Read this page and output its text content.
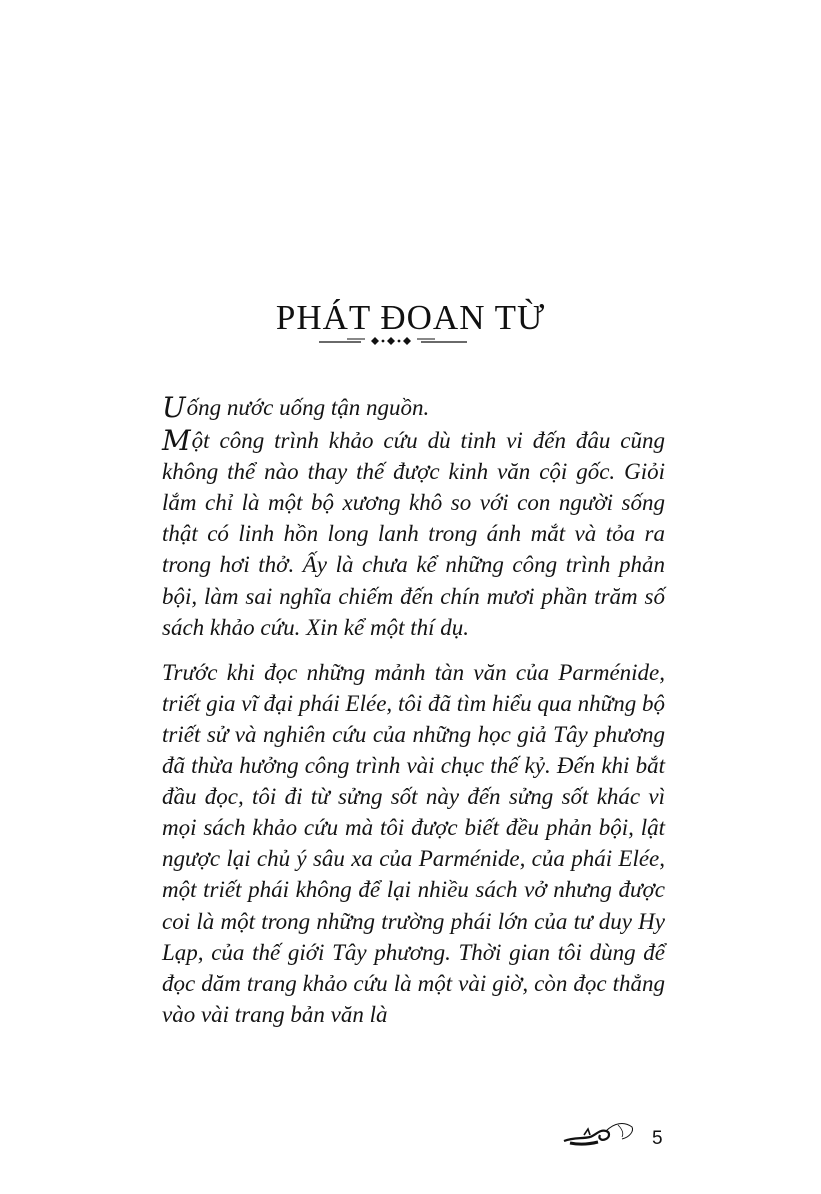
PHÁT ĐOAN TỪ

Uống nước uống tận nguồn.

Một công trình khảo cứu dù tinh vi đến đâu cũng không thể nào thay thế được kinh văn cội gốc. Giỏi lắm chỉ là một bộ xương khô so với con người sống thật có linh hồn long lanh trong ánh mắt và tỏa ra trong hơi thở. Ấy là chưa kể những công trình phản bội, làm sai nghĩa chiếm đến chín mươi phần trăm số sách khảo cứu. Xin kể một thí dụ.

Trước khi đọc những mảnh tàn văn của Parménide, triết gia vĩ đại phái Elée, tôi đã tìm hiểu qua những bộ triết sử và nghiên cứu của những học giả Tây phương đã thừa hưởng công trình vài chục thế kỷ. Đến khi bắt đầu đọc, tôi đi từ sửng sốt này đến sửng sốt khác vì mọi sách khảo cứu mà tôi được biết đều phản bội, lật ngược lại chủ ý sâu xa của Parménide, của phái Elée, một triết phái không để lại nhiều sách vở nhưng được coi là một trong những trường phái lớn của tư duy Hy Lạp, của thế giới Tây phương. Thời gian tôi dùng để đọc dăm trang khảo cứu là một vài giờ, còn đọc thẳng vào vài trang bản văn là

5
